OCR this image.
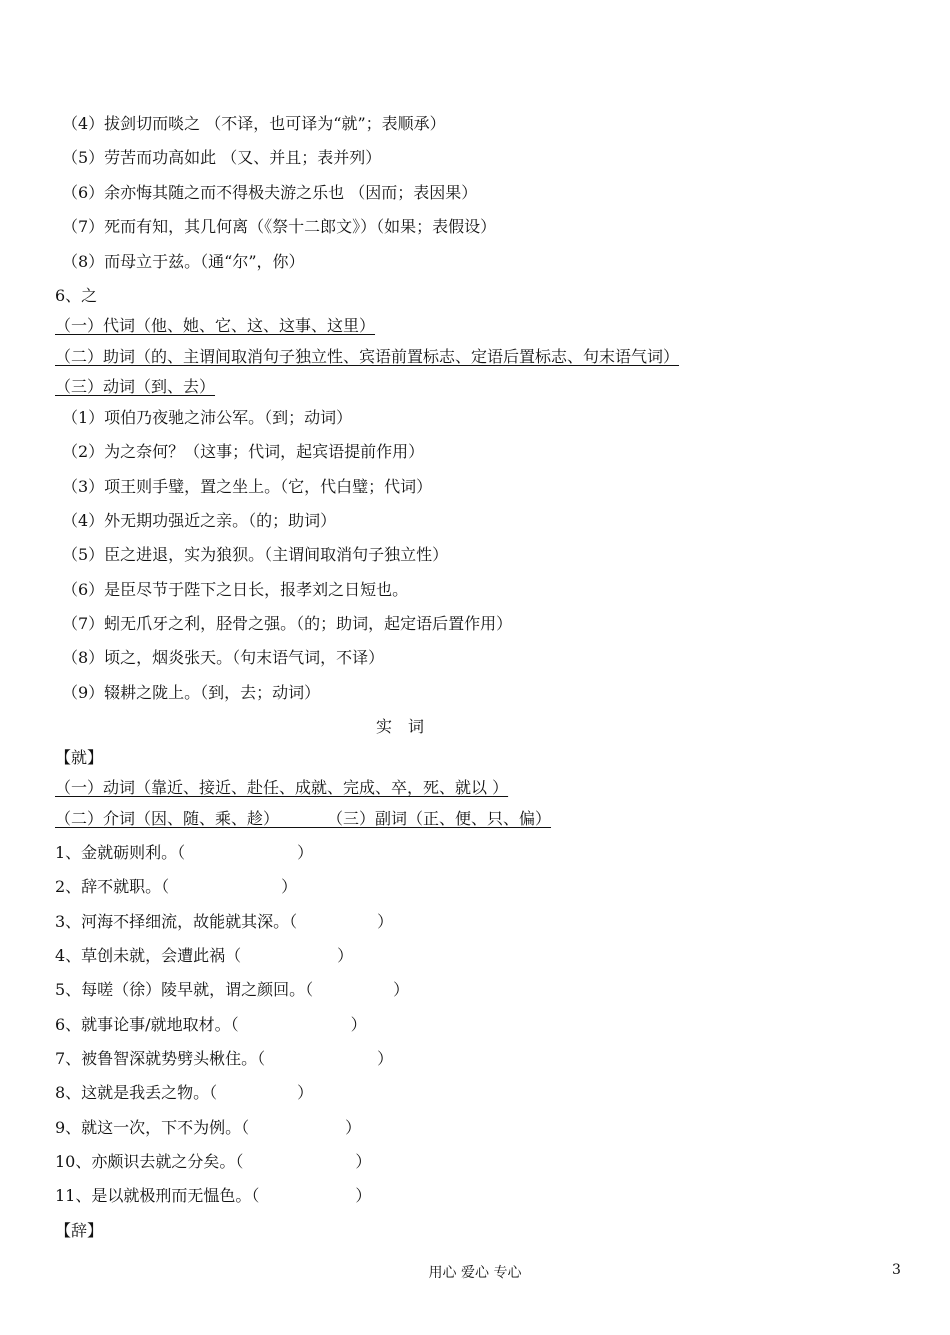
（4）拔剑切而啖之 （不译，也可译为“就”；表顺承）
（5）劳苦而功高如此 （又、并且；表并列）
（6）余亦悔其随之而不得极夫游之乐也 （因而；表因果）
（7）死而有知，其几何离（《祭十二郎文》）（如果；表假设）
（8）而母立于兹。（通“尔”，你）
6、之
（一）代词（他、她、它、这、这事、这里）
（二）助词（的、主谓间取消句子独立性、宾语前置标志、定语后置标志、句末语气词）
（三）动词（到、去）
（1）项伯乃夜驰之沛公军。（到；动词）
（2）为之奈何？（这事；代词，起宾语提前作用）
（3）项王则手璧，置之坐上。（它，代白璧；代词）
（4）外无期功强近之亲。（的；助词）
（5）臣之进退，实为狼狈。（主谓间取消句子独立性）
（6）是臣尽节于陛下之日长，报孝刘之日短也。
（7）蚓无爪牙之利，胫骨之强。（的；助词，起定语后置作用）
（8）顷之，烟炎张天。（句末语气词，不译）
（9）辍耕之陇上。（到，去；动词）
实　词
【就】
（一）动词（靠近、接近、赴任、成就、完成、卒，死、就以 ）
（二）介词（因、随、乘、趁）　　　　（三）副词（正、便、只、偏）
1、金就砺则利。（　　　　　　　）
2、辞不就职。（　　　　　　　）
3、河海不择细流，故能就其深。（　　　　　）
4、草创未就，会遭此祸（　　　　　　）
5、每嗟（徐）陵早就，谓之颜回。（　　　　　）
6、就事论事/就地取材。（　　　　　　　）
7、被鲁智深就势劈头楸住。（　　　　　　　）
8、这就是我丢之物。（　　　　　）
9、就这一次，下不为例。（　　　　　　）
10、亦颇识去就之分矣。（　　　　　　　）
11、是以就极刑而无愠色。（　　　　　　）
【辞】
用心 爱心 专心	3
